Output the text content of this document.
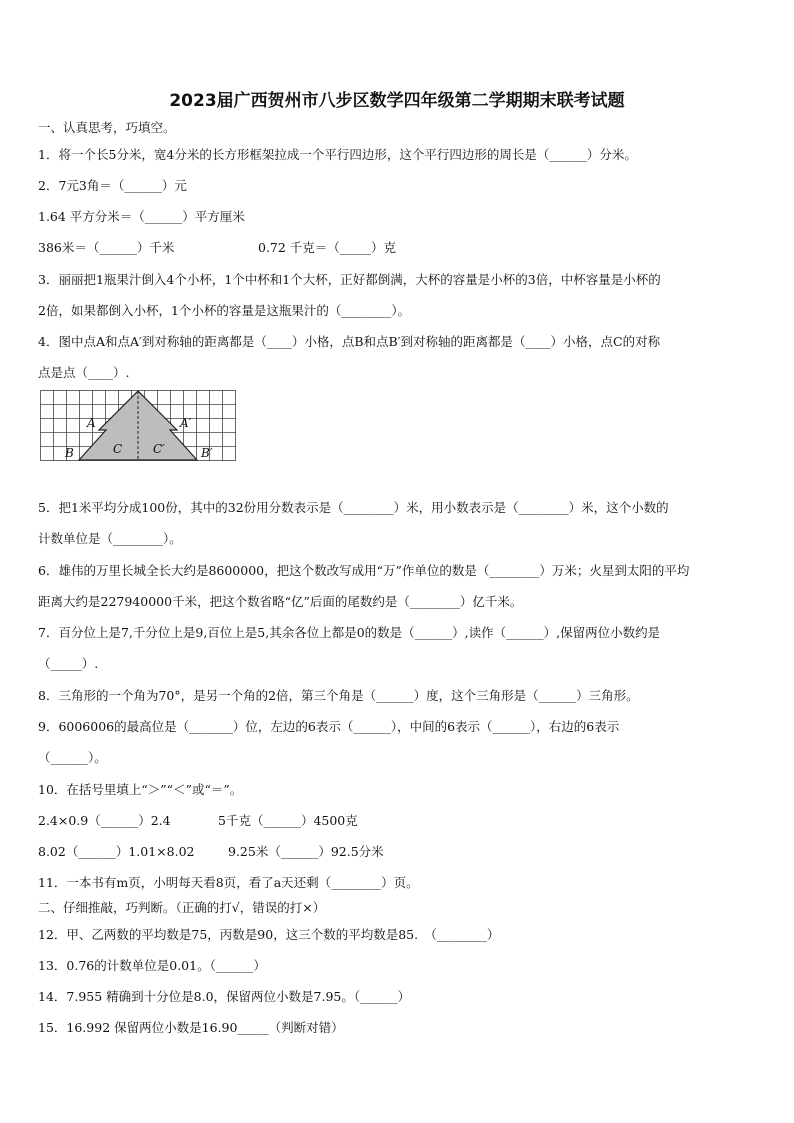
2023届广西贺州市八步区数学四年级第二学期期末联考试题
一、认真思考，巧填空。
1．将一个长5分米，宽4分米的长方形框架拉成一个平行四边形，这个平行四边形的周长是（______）分米。
2．7元3角＝（______）元
1.64 平方分米＝（______）平方厘米
386米＝（______）千米	0.72 千克＝（_____）克
3．丽丽把1瓶果汁倒入4个小杯，1个中杯和1个大杯，正好都倒满，大杯的容量是小杯的3倍，中杯容量是小杯的
2倍，如果都倒入小杯，1个小杯的容量是这瓶果汁的（________）。
4．图中点A和点A′到对称轴的距离都是（____）小格，点B和点B′到对称轴的距离都是（____）小格，点C的对称
点是点（____）.
A	A′
B	B′
C	C′
5．把1米平均分成100份，其中的32份用分数表示是（________）米，用小数表示是（________）米，这个小数的
计数单位是（________）。
6．雄伟的万里长城全长大约是8600000，把这个数改写成用“万”作单位的数是（________）万米；火星到太阳的平均
距离大约是227940000千米，把这个数省略“亿”后面的尾数约是（________）亿千米。
7．百分位上是7,千分位上是9,百位上是5,其余各位上都是0的数是（______）,读作（______）,保留两位小数约是
（_____）.
8．三角形的一个角为70°，是另一个角的2倍，第三个角是（______）度，这个三角形是（______）三角形。
9．6006006的最高位是（_______）位，左边的6表示（______），中间的6表示（______），右边的6表示
（______）。
10．在括号里填上“＞”“＜”或“＝”。
2.4×0.9（______）2.4	5千克（______）4500克
8.02（______）1.01×8.02	9.25米（______）92.5分米
11．一本书有m页，小明每天看8页，看了a天还剩（________）页。
二、仔细推敲，巧判断。（正确的打√，错误的打×）
12．甲、乙两数的平均数是75，丙数是90，这三个数的平均数是85.　（________）
13．0.76的计数单位是0.01。（______）
14．7.955 精确到十分位是8.0，保留两位小数是7.95。（______）
15．16.992 保留两位小数是16.90_____（判断对错）
